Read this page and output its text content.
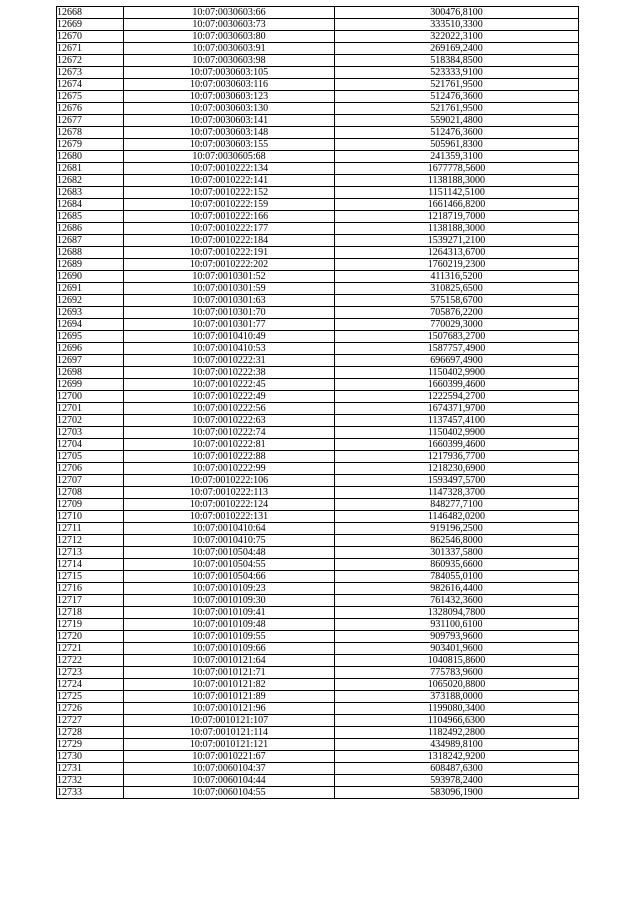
12668	10:07:0030603:66	300476,8100
12669	10:07:0030603:73	333510,3300
12670	10:07:0030603:80	322022,3100
12671	10:07:0030603:91	269169,2400
12672	10:07:0030603:98	518384,8500
12673	10:07:0030603:105	523333,9100
12674	10:07:0030603:116	521761,9500
12675	10:07:0030603:123	512476,3600
12676	10:07:0030603:130	521761,9500
12677	10:07:0030603:141	559021,4800
12678	10:07:0030603:148	512476,3600
12679	10:07:0030603:155	505961,8300
12680	10:07:0030605:68	241359,3100
12681	10:07:0010222:134	1677778,5600
12682	10:07:0010222:141	1138188,3000
12683	10:07:0010222:152	1151142,5100
12684	10:07:0010222:159	1661466,8200
12685	10:07:0010222:166	1218719,7000
12686	10:07:0010222:177	1138188,3000
12687	10:07:0010222:184	1539271,2100
12688	10:07:0010222:191	1264313,6700
12689	10:07:0010222:202	1760219,2300
12690	10:07:0010301:52	411316,5200
12691	10:07:0010301:59	310825,6500
12692	10:07:0010301:63	575158,6700
12693	10:07:0010301:70	705876,2200
12694	10:07:0010301:77	770029,3000
12695	10:07:0010410:49	1507683,2700
12696	10:07:0010410:53	1587757,4900
12697	10:07:0010222:31	696697,4900
12698	10:07:0010222:38	1150402,9900
12699	10:07:0010222:45	1660399,4600
12700	10:07:0010222:49	1222594,2700
12701	10:07:0010222:56	1674371,9700
12702	10:07:0010222:63	1137457,4100
12703	10:07:0010222:74	1150402,9900
12704	10:07:0010222:81	1660399,4600
12705	10:07:0010222:88	1217936,7700
12706	10:07:0010222:99	1218230,6900
12707	10:07:0010222:106	1593497,5700
12708	10:07:0010222:113	1147328,3700
12709	10:07:0010222:124	848277,7100
12710	10:07:0010222:131	1146482,0200
12711	10:07:0010410:64	919196,2500
12712	10:07:0010410:75	862546,8000
12713	10:07:0010504:48	301337,5800
12714	10:07:0010504:55	860935,6600
12715	10:07:0010504:66	784055,0100
12716	10:07:0010109:23	982616,4400
12717	10:07:0010109:30	761432,3600
12718	10:07:0010109:41	1328094,7800
12719	10:07:0010109:48	931100,6100
12720	10:07:0010109:55	909793,9600
12721	10:07:0010109:66	903401,9600
12722	10:07:0010121:64	1040815,8600
12723	10:07:0010121:71	775783,9600
12724	10:07:0010121:82	1065020,8800
12725	10:07:0010121:89	373188,0000
12726	10:07:0010121:96	1199080,3400
12727	10:07:0010121:107	1104966,6300
12728	10:07:0010121:114	1182492,2800
12729	10:07:0010121:121	434989,8100
12730	10:07:0010221:67	1318242,9200
12731	10:07:0060104:37	608487,6300
12732	10:07:0060104:44	593978,2400
12733	10:07:0060104:55	583096,1900
